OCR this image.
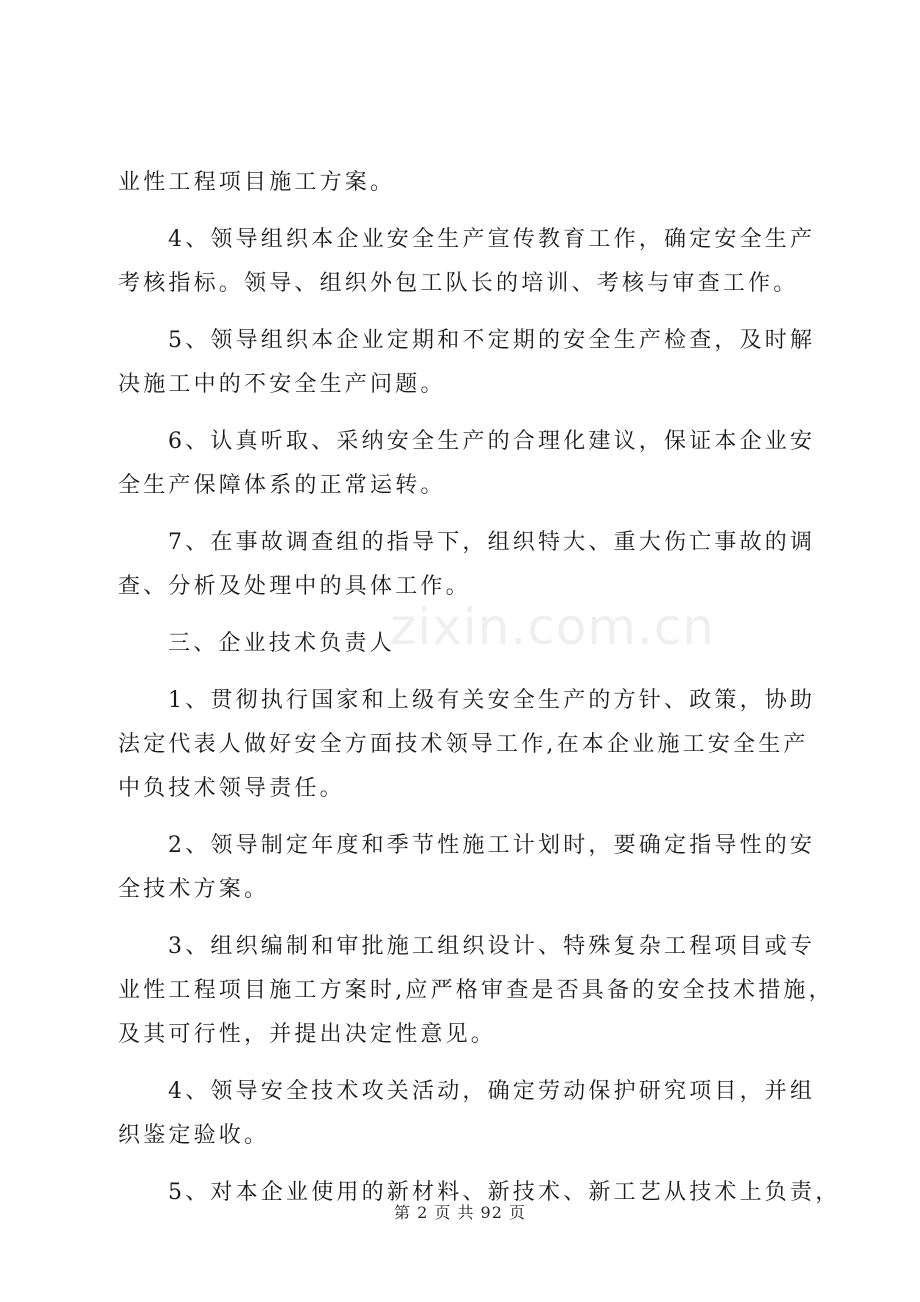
zixin.com.cn
业性工程项目施工方案。
4、领导组织本企业安全生产宣传教育工作，确定安全生产
考核指标。领导、组织外包工队长的培训、考核与审查工作。
5、领导组织本企业定期和不定期的安全生产检查，及时解
决施工中的不安全生产问题。
6、认真听取、采纳安全生产的合理化建议，保证本企业安
全生产保障体系的正常运转。
7、在事故调查组的指导下，组织特大、重大伤亡事故的调
查、分析及处理中的具体工作。
三、企业技术负责人
1、贯彻执行国家和上级有关安全生产的方针、政策，协助
法定代表人做好安全方面技术领导工作,在本企业施工安全生产
中负技术领导责任。
2、领导制定年度和季节性施工计划时，要确定指导性的安
全技术方案。
3、组织编制和审批施工组织设计、特殊复杂工程项目或专
业性工程项目施工方案时,应严格审查是否具备的安全技术措施，
及其可行性，并提出决定性意见。
4、领导安全技术攻关活动，确定劳动保护研究项目，并组
织鉴定验收。
5、对本企业使用的新材料、新技术、新工艺从技术上负责，
第 2 页 共 92 页
